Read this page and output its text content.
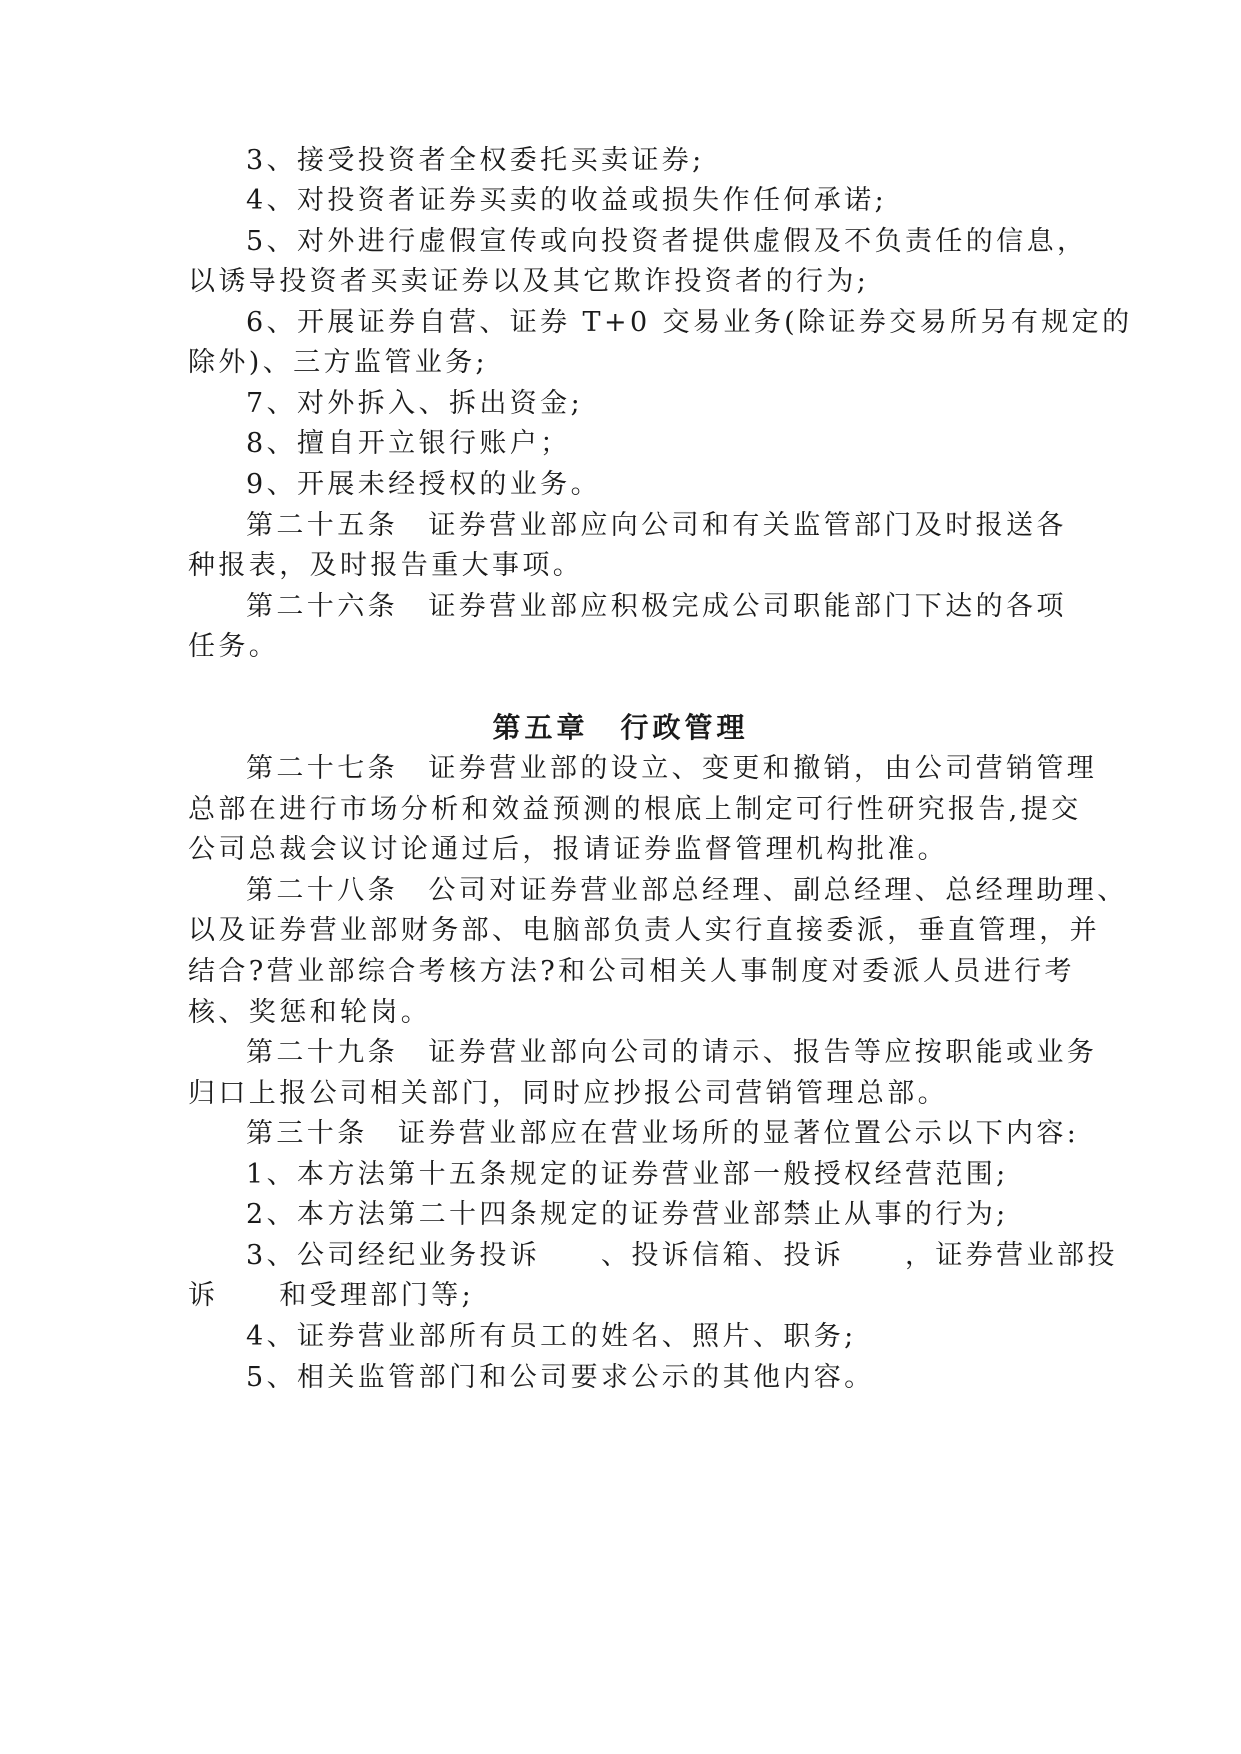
3、接受投资者全权委托买卖证券;
4、对投资者证券买卖的收益或损失作任何承诺;
5、对外进行虚假宣传或向投资者提供虚假及不负责任的信息，
以诱导投资者买卖证券以及其它欺诈投资者的行为;
6、开展证券自营、证券 T+0 交易业务(除证券交易所另有规定的
除外)、三方监管业务;
7、对外拆入、拆出资金;
8、擅自开立银行账户；
9、开展未经授权的业务。
第二十五条　证券营业部应向公司和有关监管部门及时报送各
种报表，及时报告重大事项。
第二十六条　证券营业部应积极完成公司职能部门下达的各项
任务。
第五章　行政管理
第二十七条　证券营业部的设立、变更和撤销，由公司营销管理
总部在进行市场分析和效益预测的根底上制定可行性研究报告,提交
公司总裁会议讨论通过后，报请证券监督管理机构批准。
第二十八条　公司对证券营业部总经理、副总经理、总经理助理、
以及证券营业部财务部、电脑部负责人实行直接委派，垂直管理，并
结合?营业部综合考核方法?和公司相关人事制度对委派人员进行考
核、奖惩和轮岗。
第二十九条　证券营业部向公司的请示、报告等应按职能或业务
归口上报公司相关部门，同时应抄报公司营销管理总部。
第三十条　证券营业部应在营业场所的显著位置公示以下内容:
1、本方法第十五条规定的证券营业部一般授权经营范围;
2、本方法第二十四条规定的证券营业部禁止从事的行为;
3、公司经纪业务投诉　　、投诉信箱、投诉　　，证券营业部投
诉　　和受理部门等;
4、证券营业部所有员工的姓名、照片、职务;
5、相关监管部门和公司要求公示的其他内容。
